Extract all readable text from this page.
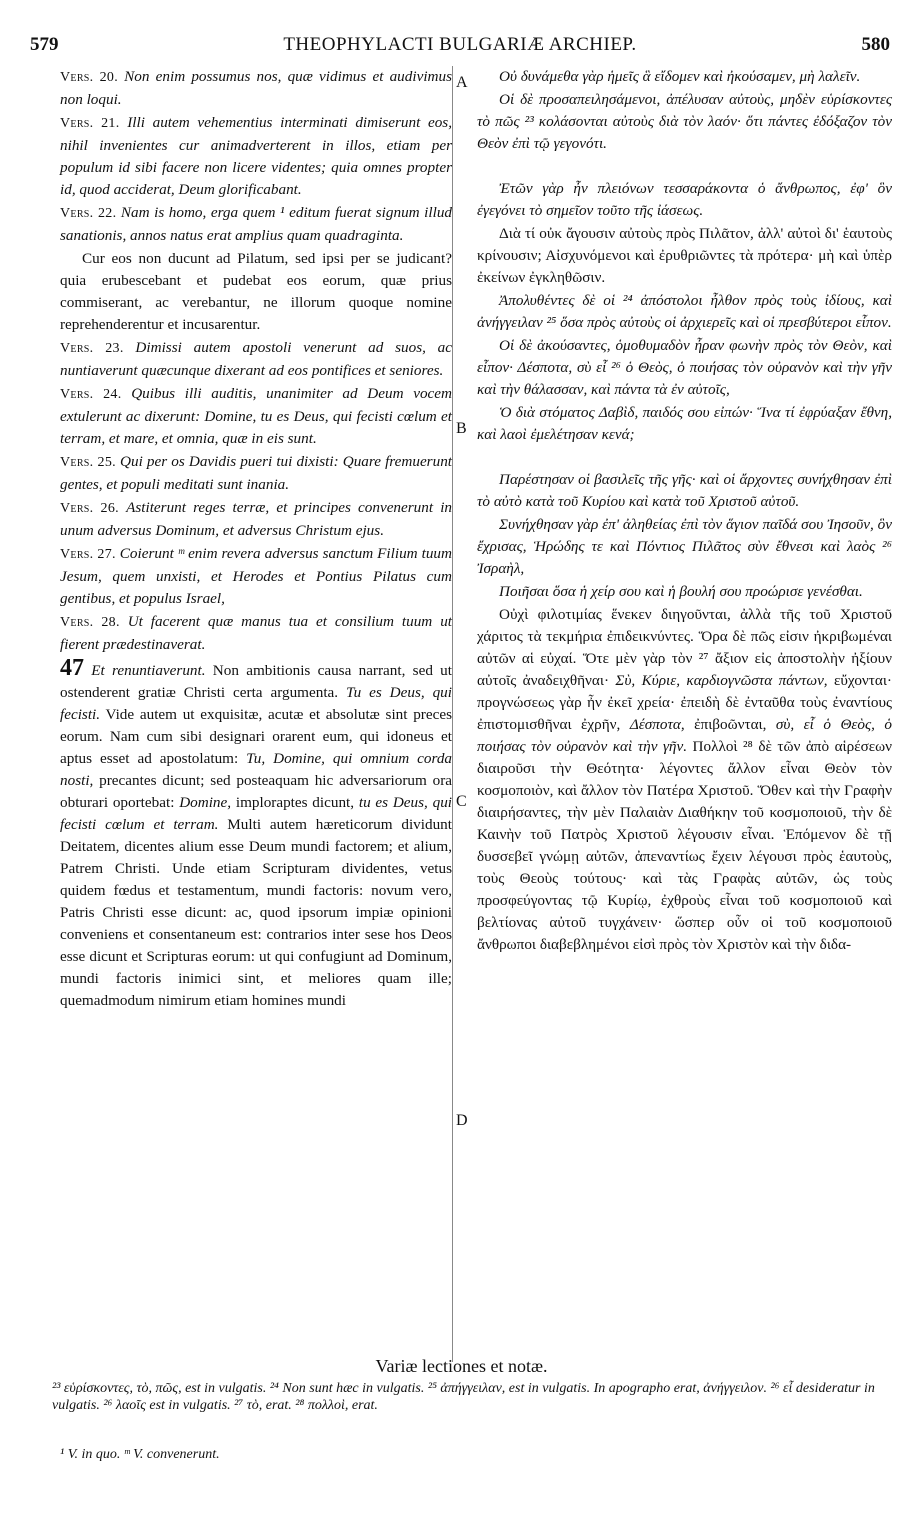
579	THEOPHYLACTI BULGARIÆ ARCHIEP.	580
A
B
C
D

Vers. 20. Non enim possumus nos, quæ vidimus et audivimus non loqui.

Vers. 21. Illi autem vehementius interminati dimiserunt eos, nihil invenientes cur animadverterent in illos, etiam per populum id sibi facere non licere videntes; quia omnes propter id, quod acciderat, Deum glorificabant.

Vers. 22. Nam is homo, erga quem ¹ editum fuerat signum illud sanationis, annos natus erat amplius quam quadraginta.

Cur eos non ducunt ad Pilatum, sed ipsi per se judicant? quia erubescebant et pudebat eos eorum, quæ prius commiserant, ac verebantur, ne illorum quoque nomine reprehenderentur et incusarentur.

Vers. 23. Dimissi autem apostoli venerunt ad suos, ac nuntiaverunt quæcunque dixerant ad eos pontifices et seniores.

Vers. 24. Quibus illi auditis, unanimiter ad Deum vocem extulerunt ac dixerunt: Domine, tu es Deus, qui fecisti cœlum et terram, et mare, et omnia, quæ in eis sunt.

Vers. 25. Qui per os Davidis pueri tui dixisti: Quare fremuerunt gentes, et populi meditati sunt inania.

Vers. 26. Astiterunt reges terræ, et principes convenerunt in unum adversus Dominum, et adversus Christum ejus.

Vers. 27. Coierunt ᵐ enim revera adversus sanctum Filium tuum Jesum, quem unxisti, et Herodes et Pontius Pilatus cum gentibus, et populus Israel,

Vers. 28. Ut facerent quæ manus tua et consilium tuum ut fierent prædestinaverat.

47 Et renuntiaverunt. Non ambitionis causa narrant, sed ut ostenderent gratiæ Christi certa argumenta. Tu es Deus, qui fecisti. Vide autem ut exquisitæ, acutæ et absolutæ sint preces eorum. Nam cum sibi designari orarent eum, qui idoneus et aptus esset ad apostolatum: Tu, Domine, qui omnium corda nosti, precantes dicunt; sed posteaquam hic adversariorum ora obturari oportebat: Domine, imploraptes dicunt, tu es Deus, qui fecisti cœlum et terram. Multi autem hæreticorum dividunt Deitatem, dicentes alium esse Deum mundi factorem; et alium, Patrem Christi. Unde etiam Scripturam dividentes, vetus quidem fœdus et testamentum, mundi factoris: novum vero, Patris Christi esse dicunt: ac, quod ipsorum impiæ opinioni conveniens et consentaneum est: contrarios inter sese hos Deos esse dicunt et Scripturas eorum: ut qui confugiunt ad Dominum, mundi factoris inimici sint, et meliores quam ille; quemadmodum nimirum etiam homines mundi

Οὐ δυνάμεθα γὰρ ἡμεῖς ἃ εἴδομεν καὶ ἠκούσαμεν, μὴ λαλεῖν.

Οἱ δὲ προσαπειλησάμενοι, ἀπέλυσαν αὐτοὺς, μηδὲν εὑρίσκοντες τὸ πῶς ²³ κολάσονται αὐτοὺς διὰ τὸν λαόν· ὅτι πάντες ἐδόξαζον τὸν Θεὸν ἐπὶ τῷ γεγονότι.

Ἐτῶν γὰρ ἦν πλειόνων τεσσαράκοντα ὁ ἄνθρωπος, ἐφ' ὃν ἐγεγόνει τὸ σημεῖον τοῦτο τῆς ἰάσεως.

Διὰ τί οὐκ ἄγουσιν αὐτοὺς πρὸς Πιλᾶτον, ἀλλ' αὐτοὶ δι' ἑαυτοὺς κρίνουσιν; Αἰσχυνόμενοι καὶ ἐρυθριῶντες τὰ πρότερα· μὴ καὶ ὑπὲρ ἐκείνων ἐγκληθῶσιν.

Ἀπολυθέντες δὲ οἱ ²⁴ ἀπόστολοι ἦλθον πρὸς τοὺς ἰδίους, καὶ ἀνήγγειλαν ²⁵ ὅσα πρὸς αὐτοὺς οἱ ἀρχιερεῖς καὶ οἱ πρεσβύτεροι εἶπον.

Οἱ δὲ ἀκούσαντες, ὁμοθυμαδὸν ἦραν φωνὴν πρὸς τὸν Θεὸν, καὶ εἶπον· Δέσποτα, σὺ εἶ ²⁶ ὁ Θεὸς, ὁ ποιήσας τὸν οὐρανὸν καὶ τὴν γῆν καὶ τὴν θάλασσαν, καὶ πάντα τὰ ἐν αὐτοῖς,

Ὁ διὰ στόματος Δαβὶδ, παιδός σου εἰπών· Ἵνα τί ἐφρύαξαν ἔθνη, καὶ λαοὶ ἐμελέτησαν κενά;

Παρέστησαν οἱ βασιλεῖς τῆς γῆς· καὶ οἱ ἄρχοντες συνήχθησαν ἐπὶ τὸ αὐτὸ κατὰ τοῦ Κυρίου καὶ κατὰ τοῦ Χριστοῦ αὐτοῦ.

Συνήχθησαν γὰρ ἐπ' ἀληθείας ἐπὶ τὸν ἅγιον παῖδά σου Ἰησοῦν, ὃν ἔχρισας, Ἡρώδης τε καὶ Πόντιος Πιλᾶτος σὺν ἔθνεσι καὶ λαὸς ²⁶ Ἰσραὴλ,

Ποιῆσαι ὅσα ἡ χείρ σου καὶ ἡ βουλή σου προώρισε γενέσθαι.

Οὐχὶ φιλοτιμίας ἕνεκεν διηγοῦνται, ἀλλὰ τῆς τοῦ Χριστοῦ χάριτος τὰ τεκμήρια ἐπιδεικνύντες. Ὅρα δὲ πῶς εἰσιν ἠκριβωμέναι αὐτῶν αἱ εὐχαί. Ὅτε μὲν γὰρ τὸν ²⁷ ἄξιον εἰς ἀποστολὴν ἠξίουν αὐτοῖς ἀναδειχθῆναι· Σὺ, Κύριε, καρδιογνῶστα πάντων, εὔχονται· προγνώσεως γὰρ ἦν ἐκεῖ χρεία· ἐπειδὴ δὲ ἐνταῦθα τοὺς ἐναντίους ἐπιστομισθῆναι ἐχρῆν, Δέσποτα, ἐπιβοῶνται, σὺ, εἶ ὁ Θεὸς, ὁ ποιήσας τὸν οὐρανὸν καὶ τὴν γῆν. Πολλοὶ ²⁸ δὲ τῶν ἀπὸ αἱρέσεων διαιροῦσι τὴν Θεότητα· λέγοντες ἄλλον εἶναι Θεὸν τὸν κοσμοποιὸν, καὶ ἄλλον τὸν Πατέρα Χριστοῦ. Ὅθεν καὶ τὴν Γραφὴν διαιρήσαντες, τὴν μὲν Παλαιὰν Διαθήκην τοῦ κοσμοποιοῦ, τὴν δὲ Καινὴν τοῦ Πατρὸς Χριστοῦ λέγουσιν εἶναι. Ἑπόμενον δὲ τῇ δυσσεβεῖ γνώμῃ αὐτῶν, ἀπεναντίως ἔχειν λέγουσι πρὸς ἑαυτοὺς, τοὺς Θεοὺς τούτους· καὶ τὰς Γραφὰς αὐτῶν, ὡς τοὺς προσφεύγοντας τῷ Κυρίῳ, ἐχθροὺς εἶναι τοῦ κοσμοποιοῦ καὶ βελτίονας αὐτοῦ τυγχάνειν· ὥσπερ οὖν οἱ τοῦ κοσμοποιοῦ ἄνθρωποι διαβεβλημένοι εἰσὶ πρὸς τὸν Χριστὸν καὶ τὴν διδα-

Variæ lectiones et notæ.
²³ εὑρίσκοντες, τὸ, πῶς, est in vulgatis. ²⁴ Non sunt hæc in vulgatis. ²⁵ ἀπήγγειλαν, est in vulgatis. In apographo erat, ἀνήγγειλον. ²⁶ εἶ desideratur in vulgatis. ²⁶ λαοῖς est in vulgatis. ²⁷ τὸ, erat. ²⁸ πολλοὶ, erat.
¹ V. in quo. ᵐ V. convenerunt.
